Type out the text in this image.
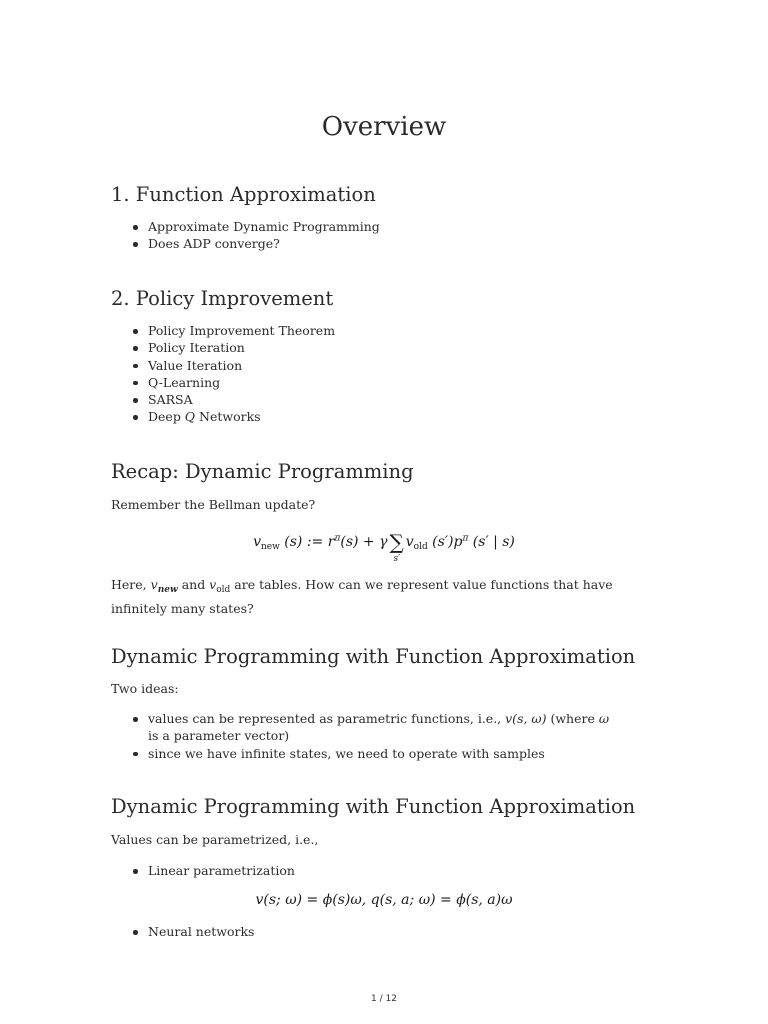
Overview
1. Function Approximation
Approximate Dynamic Programming
Does ADP converge?
2. Policy Improvement
Policy Improvement Theorem
Policy Iteration
Value Iteration
Q-Learning
SARSA
Deep Q Networks
Recap: Dynamic Programming

Remember the Bellman update?

$v_{new}$ (s) := $r^\pi(s) + \gamma$ ∑
s′
$v_{old}$ $(s')p^\pi$ (s′ | s)

Here, $v_{new}$ and $v_{old}$ are tables. How can we represent value functions that have infinitely many states?

Dynamic Programming with Function Approximation

Two ideas:

values can be represented as parametric functions, i.e., v(s, ω) (where ω is a parameter vector)
since we have infinite states, we need to operate with samples
Dynamic Programming with Function Approximation

Values can be parametrized, i.e.,

Linear parametrization
v(s; ω) = ϕ(s)ω, q(s, a; ω) = ϕ(s, a)ω
Neural networks
1 / 12
